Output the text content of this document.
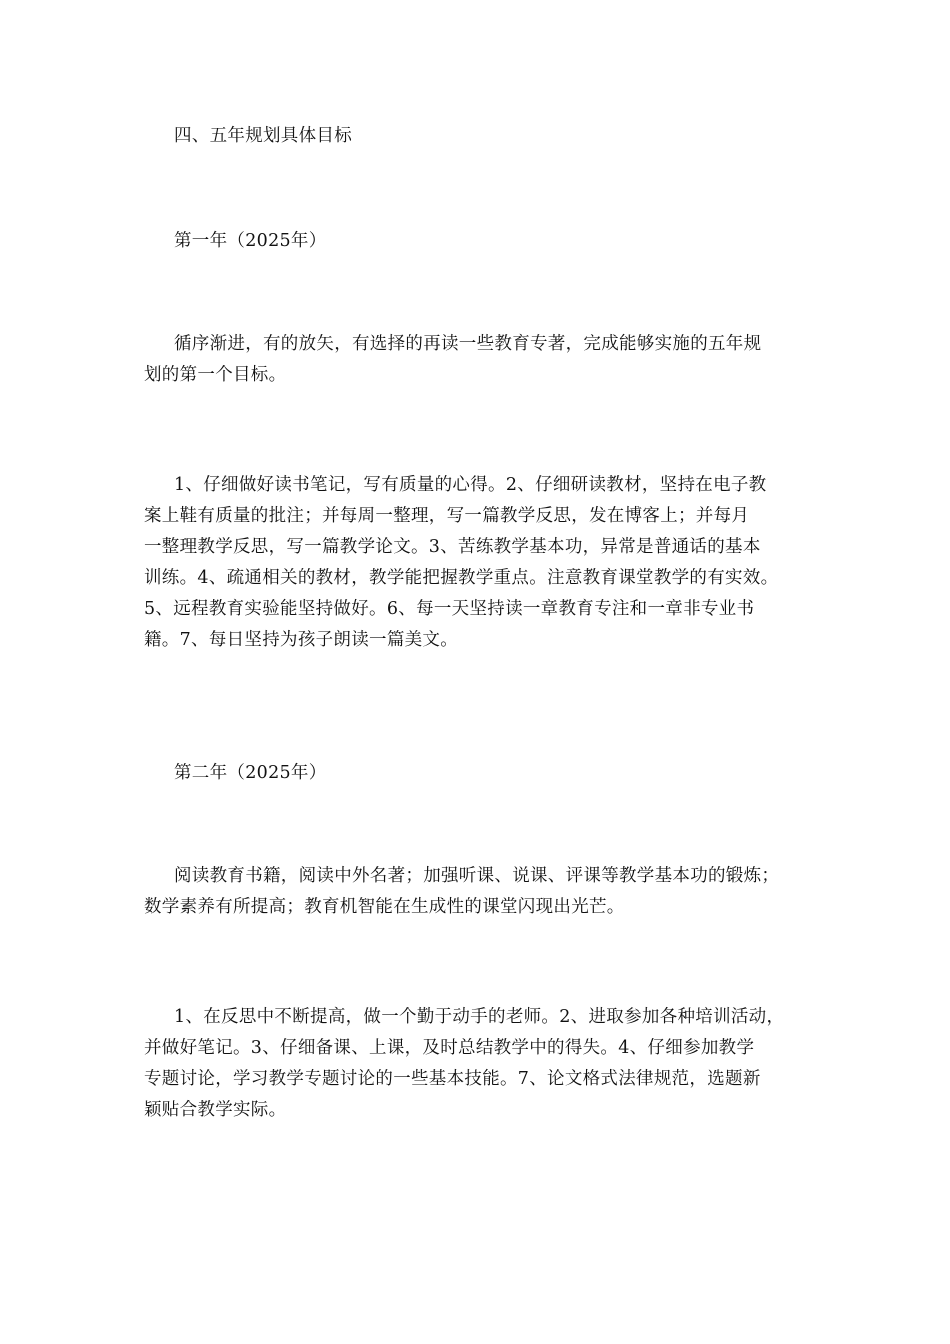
四、五年规划具体目标

第一年（2025年）

循序渐进，有的放矢，有选择的再读一些教育专著，完成能够实施的五年规
划的第一个目标。
1、仔细做好读书笔记，写有质量的心得。2、仔细研读教材，坚持在电子教
案上鞋有质量的批注；并每周一整理，写一篇教学反思，发在博客上；并每月
一整理教学反思，写一篇教学论文。3、苦练教学基本功，异常是普通话的基本
训练。4、疏通相关的教材，教学能把握教学重点。注意教育课堂教学的有实效。
5、远程教育实验能坚持做好。6、每一天坚持读一章教育专注和一章非专业书
籍。7、每日坚持为孩子朗读一篇美文。

第二年（2025年）

阅读教育书籍，阅读中外名著；加强听课、说课、评课等教学基本功的锻炼；
数学素养有所提高；教育机智能在生成性的课堂闪现出光芒。
1、在反思中不断提高，做一个勤于动手的老师。2、进取参加各种培训活动，
并做好笔记。3、仔细备课、上课，及时总结教学中的得失。4、仔细参加教学
专题讨论，学习教学专题讨论的一些基本技能。7、论文格式法律规范，选题新
颖贴合教学实际。
